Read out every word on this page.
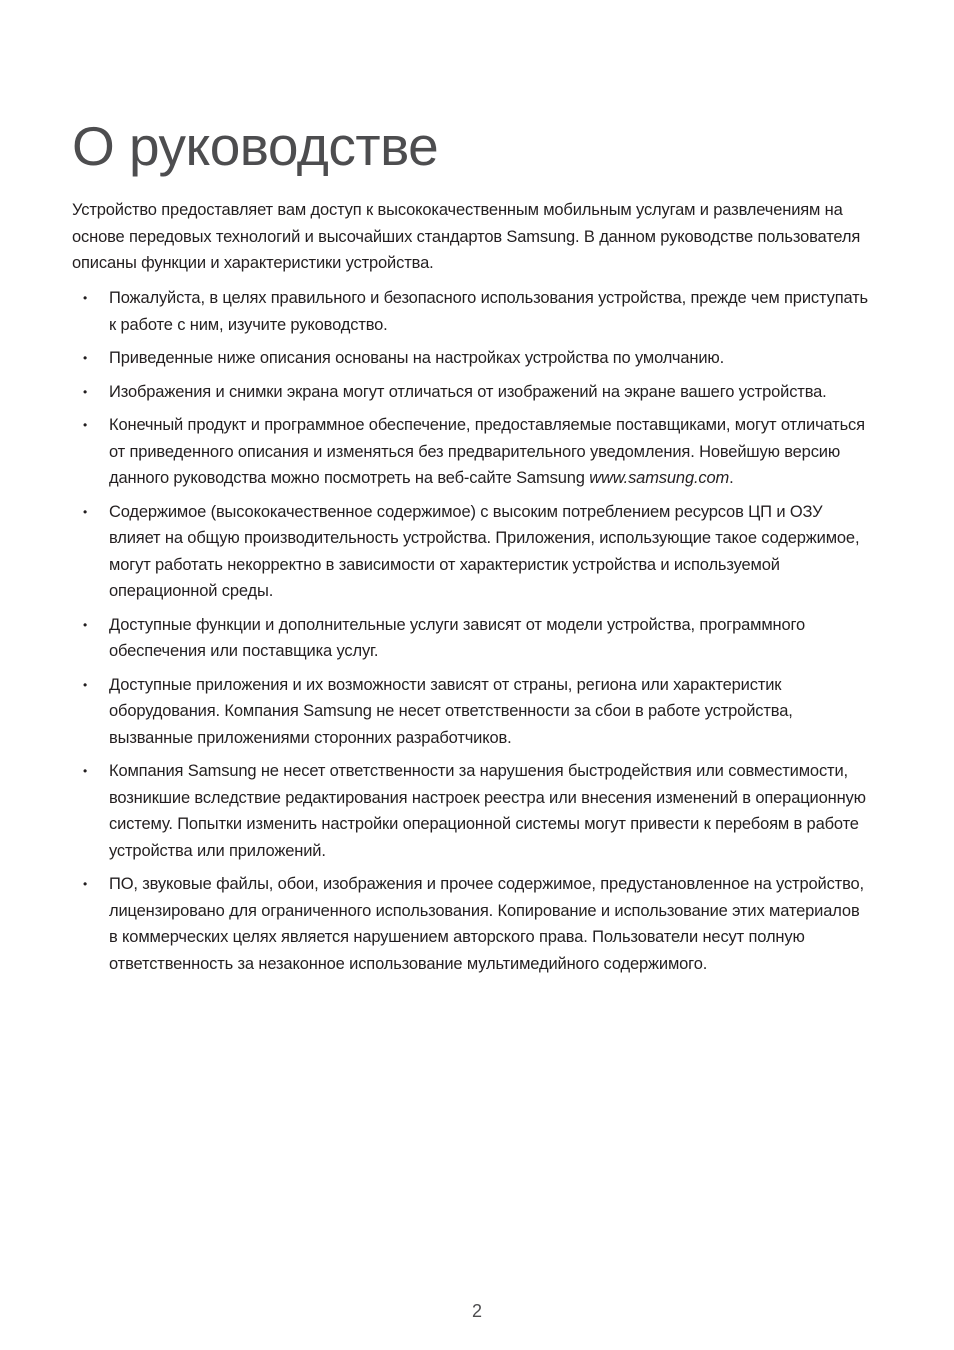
О руководстве

Устройство предоставляет вам доступ к высококачественным мобильным услугам и развлечениям на основе передовых технологий и высочайших стандартов Samsung. В данном руководстве пользователя описаны функции и характеристики устройства.

• Пожалуйста, в целях правильного и безопасного использования устройства, прежде чем приступать к работе с ним, изучите руководство.
• Приведенные ниже описания основаны на настройках устройства по умолчанию.
• Изображения и снимки экрана могут отличаться от изображений на экране вашего устройства.
• Конечный продукт и программное обеспечение, предоставляемые поставщиками, могут отличаться от приведенного описания и изменяться без предварительного уведомления. Новейшую версию данного руководства можно посмотреть на веб-сайте Samsung www.samsung.com.
• Содержимое (высококачественное содержимое) с высоким потреблением ресурсов ЦП и ОЗУ влияет на общую производительность устройства. Приложения, использующие такое содержимое, могут работать некорректно в зависимости от характеристик устройства и используемой операционной среды.
• Доступные функции и дополнительные услуги зависят от модели устройства, программного обеспечения или поставщика услуг.
• Доступные приложения и их возможности зависят от страны, региона или характеристик оборудования. Компания Samsung не несет ответственности за сбои в работе устройства, вызванные приложениями сторонних разработчиков.
• Компания Samsung не несет ответственности за нарушения быстродействия или совместимости, возникшие вследствие редактирования настроек реестра или внесения изменений в операционную систему. Попытки изменить настройки операционной системы могут привести к перебоям в работе устройства или приложений.
• ПО, звуковые файлы, обои, изображения и прочее содержимое, предустановленное на устройство, лицензировано для ограниченного использования. Копирование и использование этих материалов в коммерческих целях является нарушением авторского права. Пользователи несут полную ответственность за незаконное использование мультимедийного содержимого.
2
